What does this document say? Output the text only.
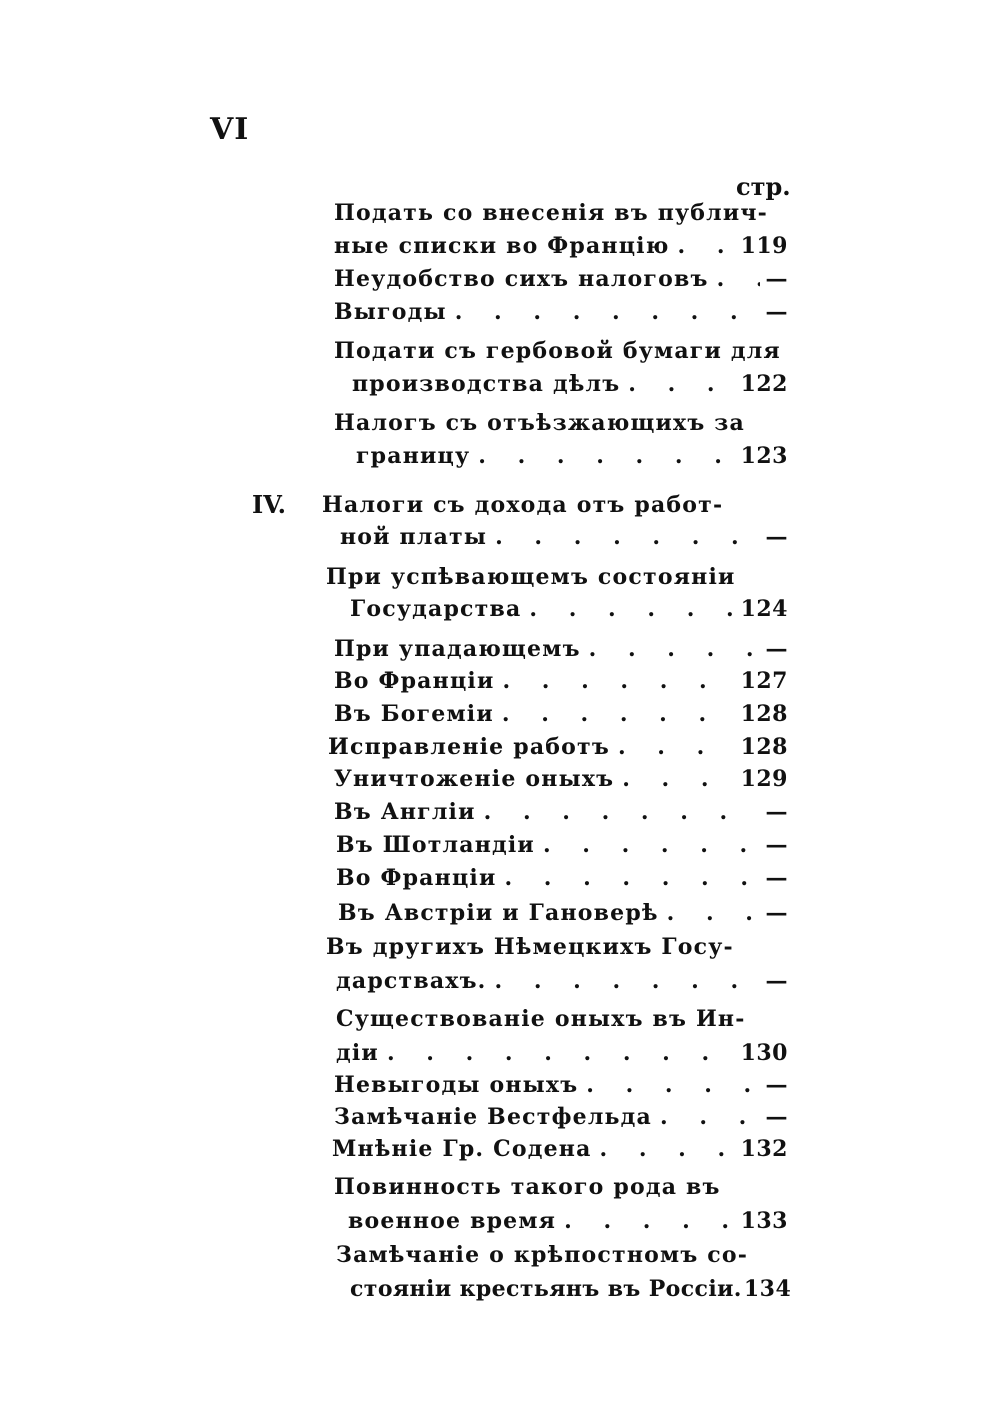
VI
стр.
Подать со внесенія въ публич-
ные списки во Францію . . .	119
Неудобство сихъ налоговъ . . .	—
Выгоды . . .	—
Подати съ гербовой бумаги для
производства дѣлъ . . .	122
Налогъ съ отъѣзжающихъ за
границу . . .	123
IV. Налоги съ дохода отъ работ-
ной платы . . .	—
При успѣвающемъ состояніи
Государства . . .	124
При упадающемъ . . .	—
Во Франціи . . .	127
Въ Богеміи . . .	128
Исправленіе работъ . . .	128
Уничтоженіе оныхъ . . .	129
Въ Англіи . . .	—
Въ Шотландіи . . .	—
Во Франціи . . .	—
Въ Австріи и Гановерѣ . . .	—
Въ другихъ Нѣмецкихъ Госу-
дарствахъ. . . .	—
Существованіе оныхъ въ Ин-
діи . . .	130
Невыгоды оныхъ . . .	—
Замѣчаніе Вестфельда . . .	—
Мнѣніе Гр. Содена . . .	132
Повинность такого рода въ
военное время . . .	133
Замѣчаніе о крѣпостномъ со-
стояніи крестьянъ въ Россіи. 134
